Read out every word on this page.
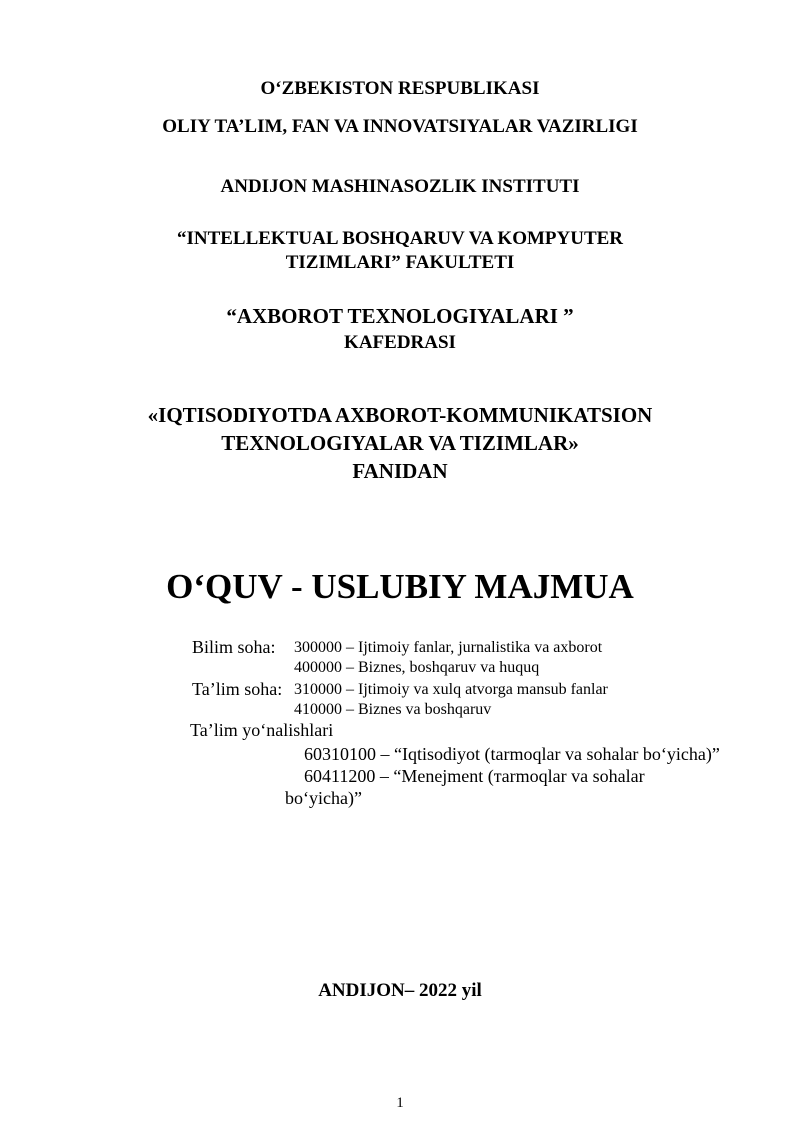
O‘ZBEKISTON RESPUBLIKASI
OLIY TA’LIM, FAN VA INNOVATSIYALAR VAZIRLIGI
ANDIJON MASHINASOZLIK INSTITUTI
“INTELLEKTUAL BOSHQARUV VA KOMPYUTER
TIZIMLARI” FAKULTETI
“AXBOROT TEXNOLOGIYALARI ”
KAFEDRASI
«IQTISODIYOTDA AXBOROT-KOMMUNIKATSION
TEXNOLOGIYALAR VA TIZIMLAR»
FANIDAN
O‘QUV - USLUBIY MAJMUA
Bilim soha: 300000 – Ijtimoiy fanlar, jurnalistika va axborot
400000 – Biznes, boshqaruv va huquq
Ta’lim soha: 310000 – Ijtimoiy va xulq atvorga mansub fanlar
410000 – Biznes va boshqaruv
Ta’lim yo‘nalishlari
60310100 – “Iqtisodiyot (tarmoqlar va sohalar bo‘yicha)”
60411200 – “Menejment (тarmoqlar va sohalar
bo‘yicha)”
ANDIJON– 2022 yil
1
